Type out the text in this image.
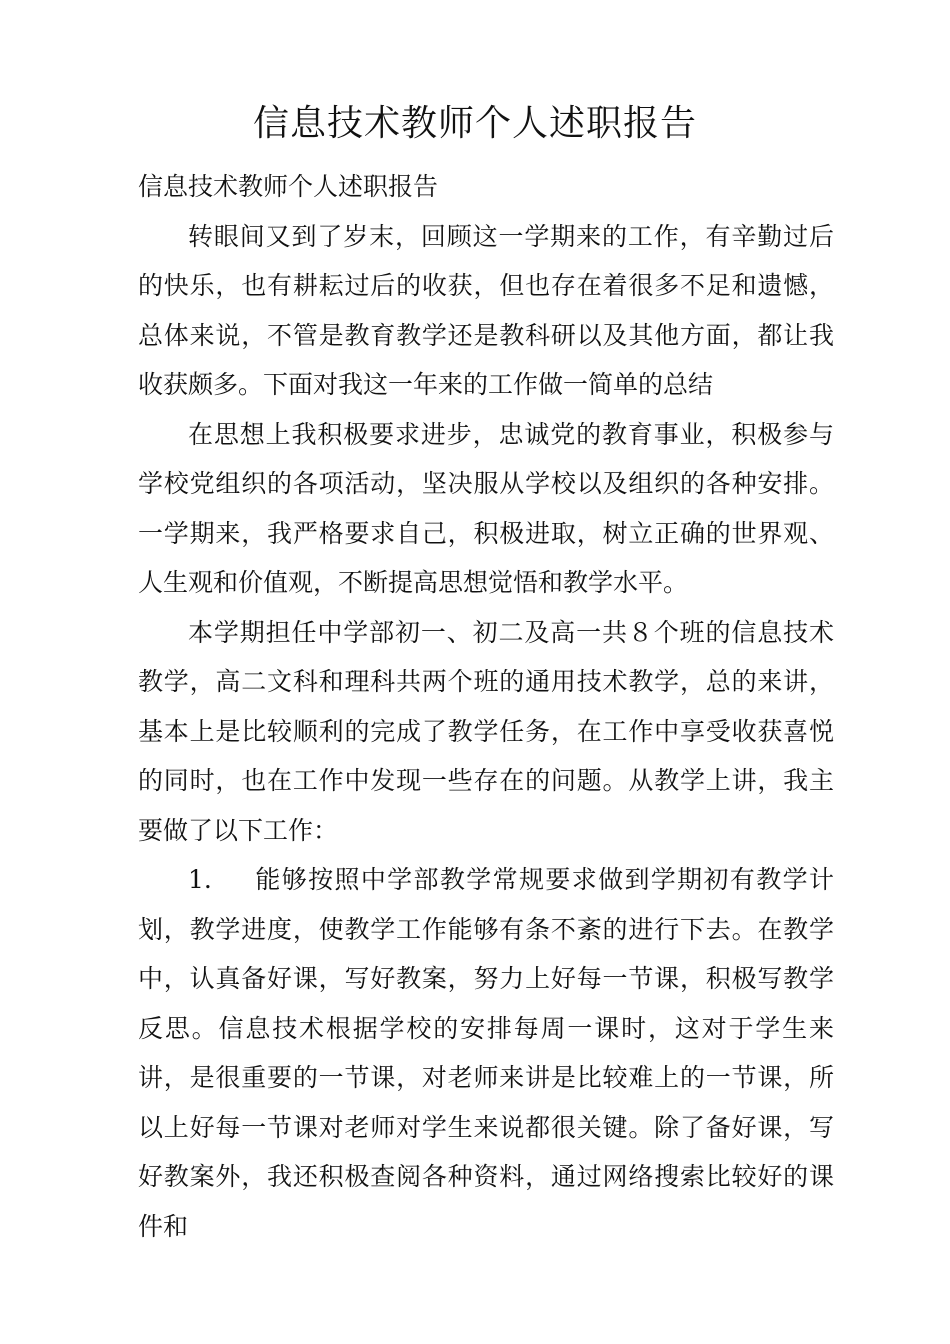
信息技术教师个人述职报告

信息技术教师个人述职报告

转眼间又到了岁末，回顾这一学期来的工作，有辛勤过后的快乐，也有耕耘过后的收获，但也存在着很多不足和遗憾，总体来说，不管是教育教学还是教科研以及其他方面，都让我收获颇多。下面对我这一年来的工作做一简单的总结

在思想上我积极要求进步，忠诚党的教育事业，积极参与学校党组织的各项活动，坚决服从学校以及组织的各种安排。一学期来，我严格要求自己，积极进取，树立正确的世界观、人生观和价值观，不断提高思想觉悟和教学水平。

本学期担任中学部初一、初二及高一共８个班的信息技术教学，高二文科和理科共两个班的通用技术教学，总的来讲，基本上是比较顺利的完成了教学任务，在工作中享受收获喜悦的同时，也在工作中发现一些存在的问题。从教学上讲，我主要做了以下工作：

1. 能够按照中学部教学常规要求做到学期初有教学计划，教学进度，使教学工作能够有条不紊的进行下去。在教学中，认真备好课，写好教案，努力上好每一节课，积极写教学反思。信息技术根据学校的安排每周一课时，这对于学生来讲，是很重要的一节课，对老师来讲是比较难上的一节课，所以上好每一节课对老师对学生来说都很关键。除了备好课，写好教案外，我还积极查阅各种资料，通过网络搜索比较好的课件和
